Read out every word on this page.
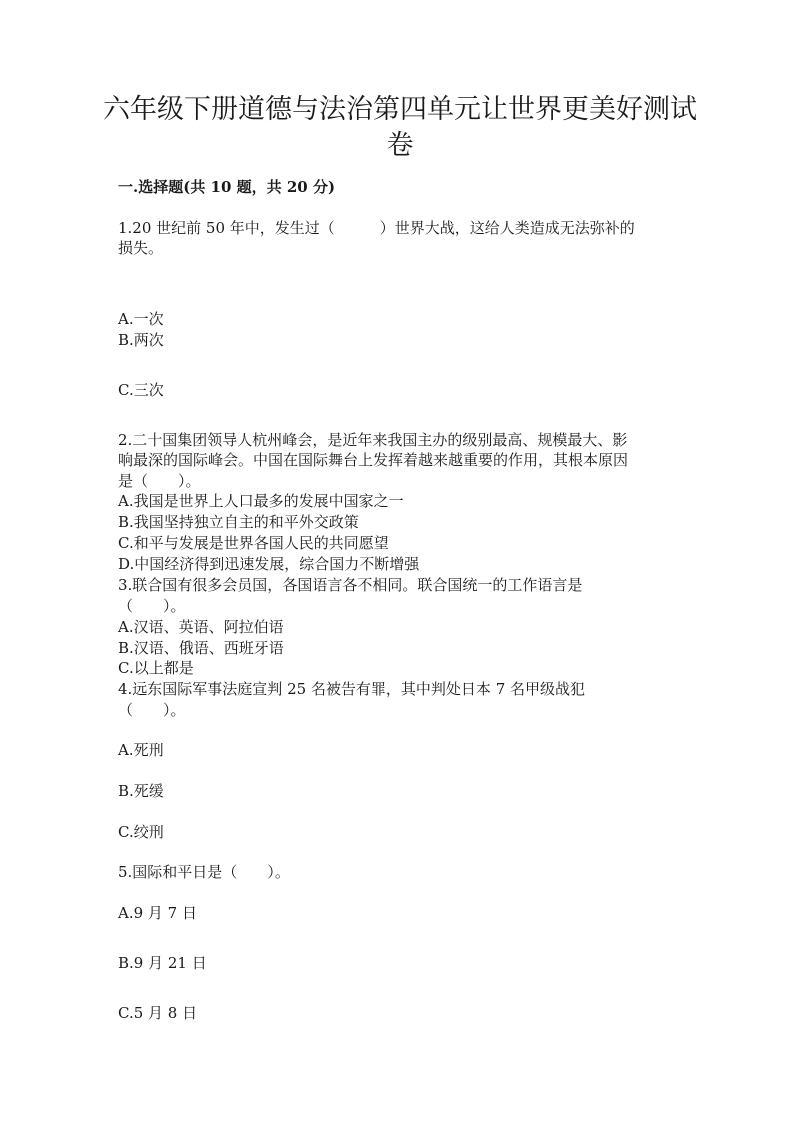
六年级下册道德与法治第四单元让世界更美好测试
卷

一.选择题(共 10 题，共 20 分)

1.20 世纪前 50 年中，发生过（　　　）世界大战，这给人类造成无法弥补的

损失。

A.一次

B.两次

C.三次

2.二十国集团领导人杭州峰会，是近年来我国主办的级别最高、规模最大、影

响最深的国际峰会。中国在国际舞台上发挥着越来越重要的作用，其根本原因

是（　　）。

A.我国是世界上人口最多的发展中国家之一

B.我国坚持独立自主的和平外交政策

C.和平与发展是世界各国人民的共同愿望

D.中国经济得到迅速发展，综合国力不断增强

3.联合国有很多会员国，各国语言各不相同。联合国统一的工作语言是

（　　）。

A.汉语、英语、阿拉伯语

B.汉语、俄语、西班牙语

C.以上都是

4.远东国际军事法庭宣判 25 名被告有罪，其中判处日本 7 名甲级战犯

（　　）。

A.死刑

B.死缓

C.绞刑

5.国际和平日是（　　）。

A.9 月 7 日

B.9 月 21 日

C.5 月 8 日
